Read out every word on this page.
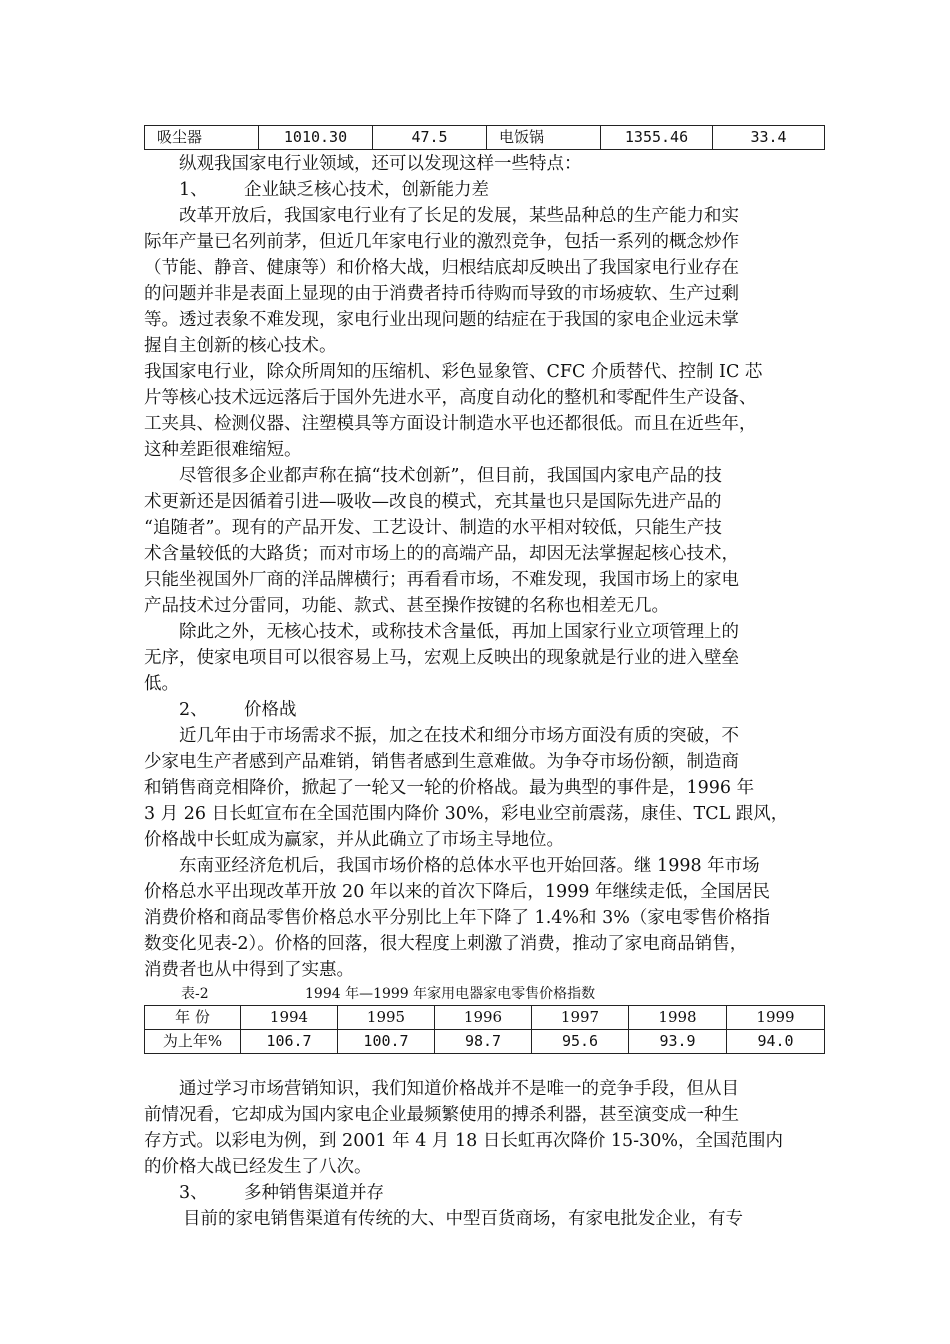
吸尘器	1010.30	47.5	电饭锅	1355.46	33.4
纵观我国家电行业领域，还可以发现这样一些特点：
1、 企业缺乏核心技术，创新能力差
改革开放后，我国家电行业有了长足的发展，某些品种总的生产能力和实
际年产量已名列前茅，但近几年家电行业的激烈竞争，包括一系列的概念炒作
（节能、静音、健康等）和价格大战，归根结底却反映出了我国家电行业存在
的问题并非是表面上显现的由于消费者持币待购而导致的市场疲软、生产过剩
等。透过表象不难发现，家电行业出现问题的结症在于我国的家电企业远未掌
握自主创新的核心技术。
我国家电行业，除众所周知的压缩机、彩色显象管、CFC 介质替代、控制 IC 芯
片等核心技术远远落后于国外先进水平，高度自动化的整机和零配件生产设备、
工夹具、检测仪器、注塑模具等方面设计制造水平也还都很低。而且在近些年，
这种差距很难缩短。
尽管很多企业都声称在搞“技术创新”，但目前，我国国内家电产品的技
术更新还是因循着引进—吸收—改良的模式，充其量也只是国际先进产品的
“追随者”。现有的产品开发、工艺设计、制造的水平相对较低，只能生产技
术含量较低的大路货；而对市场上的的高端产品，却因无法掌握起核心技术，
只能坐视国外厂商的洋品牌横行；再看看市场，不难发现，我国市场上的家电
产品技术过分雷同，功能、款式、甚至操作按键的名称也相差无几。
除此之外，无核心技术，或称技术含量低，再加上国家行业立项管理上的
无序，使家电项目可以很容易上马，宏观上反映出的现象就是行业的进入壁垒
低。
2、 价格战
近几年由于市场需求不振，加之在技术和细分市场方面没有质的突破，不
少家电生产者感到产品难销，销售者感到生意难做。为争夺市场份额，制造商
和销售商竞相降价，掀起了一轮又一轮的价格战。最为典型的事件是，1996 年
3 月 26 日长虹宣布在全国范围内降价 30%，彩电业空前震荡，康佳、TCL 跟风，
价格战中长虹成为赢家，并从此确立了市场主导地位。
东南亚经济危机后，我国市场价格的总体水平也开始回落。继 1998 年市场
价格总水平出现改革开放 20 年以来的首次下降后，1999 年继续走低，全国居民
消费价格和商品零售价格总水平分别比上年下降了 1.4%和 3%（家电零售价格指
数变化见表-2）。价格的回落，很大程度上刺激了消费，推动了家电商品销售，
消费者也从中得到了实惠。
表-2	1994 年—1999 年家用电器家电零售价格指数
年 份	1994	1995	1996	1997	1998	1999
为上年%	106.7	100.7	98.7	95.6	93.9	94.0
通过学习市场营销知识，我们知道价格战并不是唯一的竞争手段，但从目
前情况看，它却成为国内家电企业最频繁使用的搏杀利器，甚至演变成一种生
存方式。以彩电为例，到 2001 年 4 月 18 日长虹再次降价 15-30%，全国范围内
的价格大战已经发生了八次。
3、 多种销售渠道并存
目前的家电销售渠道有传统的大、中型百货商场，有家电批发企业，有专
